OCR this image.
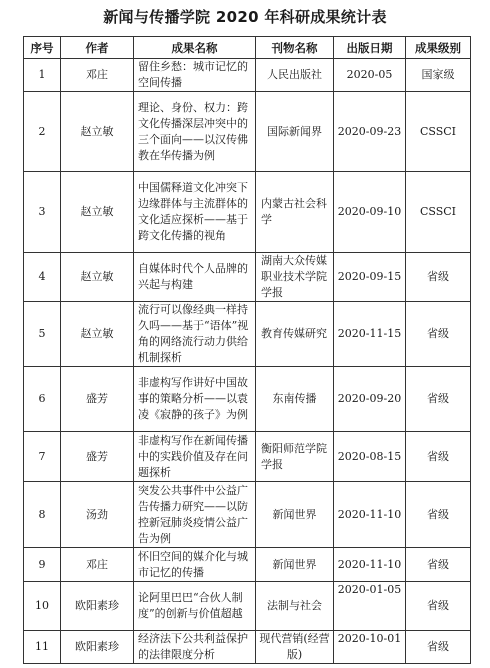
新闻与传播学院 2020 年科研成果统计表
序号	作者	成果名称	刊物名称	出版日期	成果级别
1	邓庄	留住乡愁：城市记忆的空间传播	人民出版社	2020-05	国家级
2	赵立敏	理论、身份、权力：跨文化传播深层冲突中的三个面向——以汉传佛教在华传播为例	国际新闻界	2020-09-23	CSSCI
3	赵立敏	中国儒释道文化冲突下边缘群体与主流群体的文化适应探析——基于跨文化传播的视角	内蒙古社会科学	2020-09-10	CSSCI
4	赵立敏	自媒体时代个人品牌的兴起与构建	湖南大众传媒职业技术学院学报	2020-09-15	省级
5	赵立敏	流行可以像经典一样持久吗——基于“语体”视角的网络流行动力供给机制探析	教育传媒研究	2020-11-15	省级
6	盛芳	非虚构写作讲好中国故事的策略分析——以袁凌《寂静的孩子》为例	东南传播	2020-09-20	省级
7	盛芳	非虚构写作在新闻传播中的实践价值及存在问题探析	衡阳师范学院学报	2020-08-15	省级
8	汤劲	突发公共事件中公益广告传播力研究——以防控新冠肺炎疫情公益广告为例	新闻世界	2020-11-10	省级
9	邓庄	怀旧空间的媒介化与城市记忆的传播	新闻世界	2020-11-10	省级
10	欧阳素珍	论阿里巴巴“合伙人制度”的创新与价值超越	法制与社会	2020-01-05	省级
11	欧阳素珍	经济法下公共利益保护的法律限度分析	现代营销(经营版)	2020-10-01	省级
